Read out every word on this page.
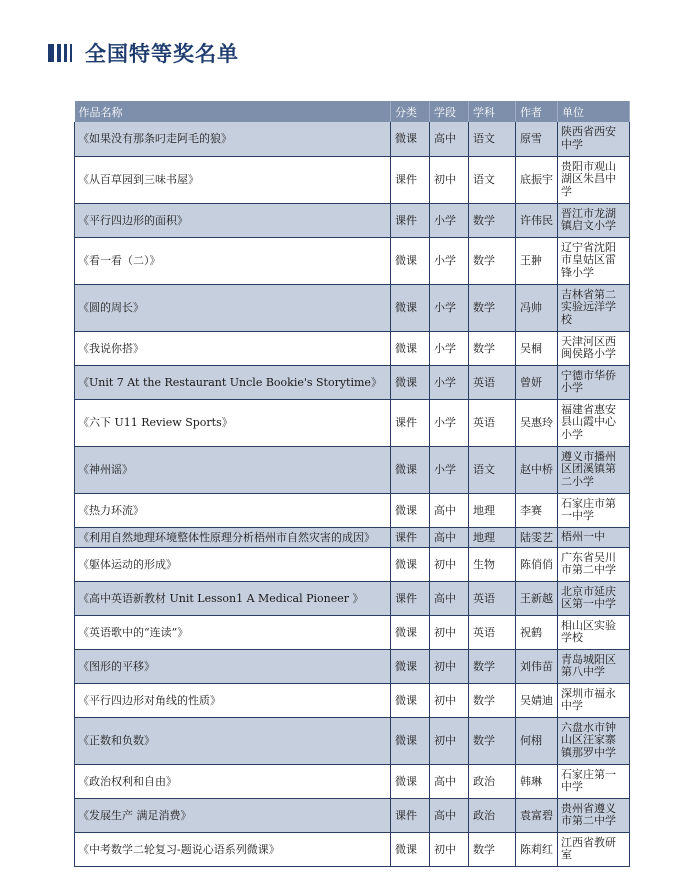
全国特等奖名单
作品名称	分类	学段	学科	作者	单位
《如果没有那条叼走阿毛的狼》	微课	高中	语文	原雪	陕西省西安中学
《从百草园到三味书屋》	课件	初中	语文	底振宇	贵阳市观山湖区朱昌中学
《平行四边形的面积》	课件	小学	数学	许伟民	晋江市龙湖镇启文小学
《看一看（二）》	微课	小学	数学	王翀	辽宁省沈阳市皇姑区雷锋小学
《圆的周长》	微课	小学	数学	冯帅	吉林省第二实验远洋学校
《我说你搭》	微课	小学	数学	吴桐	天津河区西闽侯路小学
《Unit 7 At the Restaurant Uncle Bookie's Storytime》	微课	小学	英语	曾妍	宁德市华侨小学
《六下 U11 Review Sports》	课件	小学	英语	吴惠玲	福建省惠安县山霞中心小学
《神州谣》	微课	小学	语文	赵中桥	遵义市播州区团溪镇第二小学
《热力环流》	微课	高中	地理	李赛	石家庄市第一中学
《利用自然地理环境整体性原理分析梧州市自然灾害的成因》	课件	高中	地理	陆雯艺	梧州一中
《躯体运动的形成》	微课	初中	生物	陈俏俏	广东省吴川市第二中学
《高中英语新教材 Unit Lesson1 A Medical Pioneer 》	课件	高中	英语	王新越	北京市延庆区第一中学
《英语歌中的“连读”》	微课	初中	英语	祝鹤	相山区实验学校
《图形的平移》	微课	初中	数学	刘伟苗	青岛城阳区第八中学
《平行四边形对角线的性质》	微课	初中	数学	吴婧迪	深圳市福永中学
《正数和负数》	微课	初中	数学	何栩	六盘水市钟山区汪家寨镇那罗中学
《政治权利和自由》	微课	高中	政治	韩琳	石家庄第一中学
《发展生产 满足消费》	课件	高中	政治	袁富碧	贵州省遵义市第二中学
《中考数学二轮复习-题说心语系列微课》	微课	初中	数学	陈莉红	江西省教研室
